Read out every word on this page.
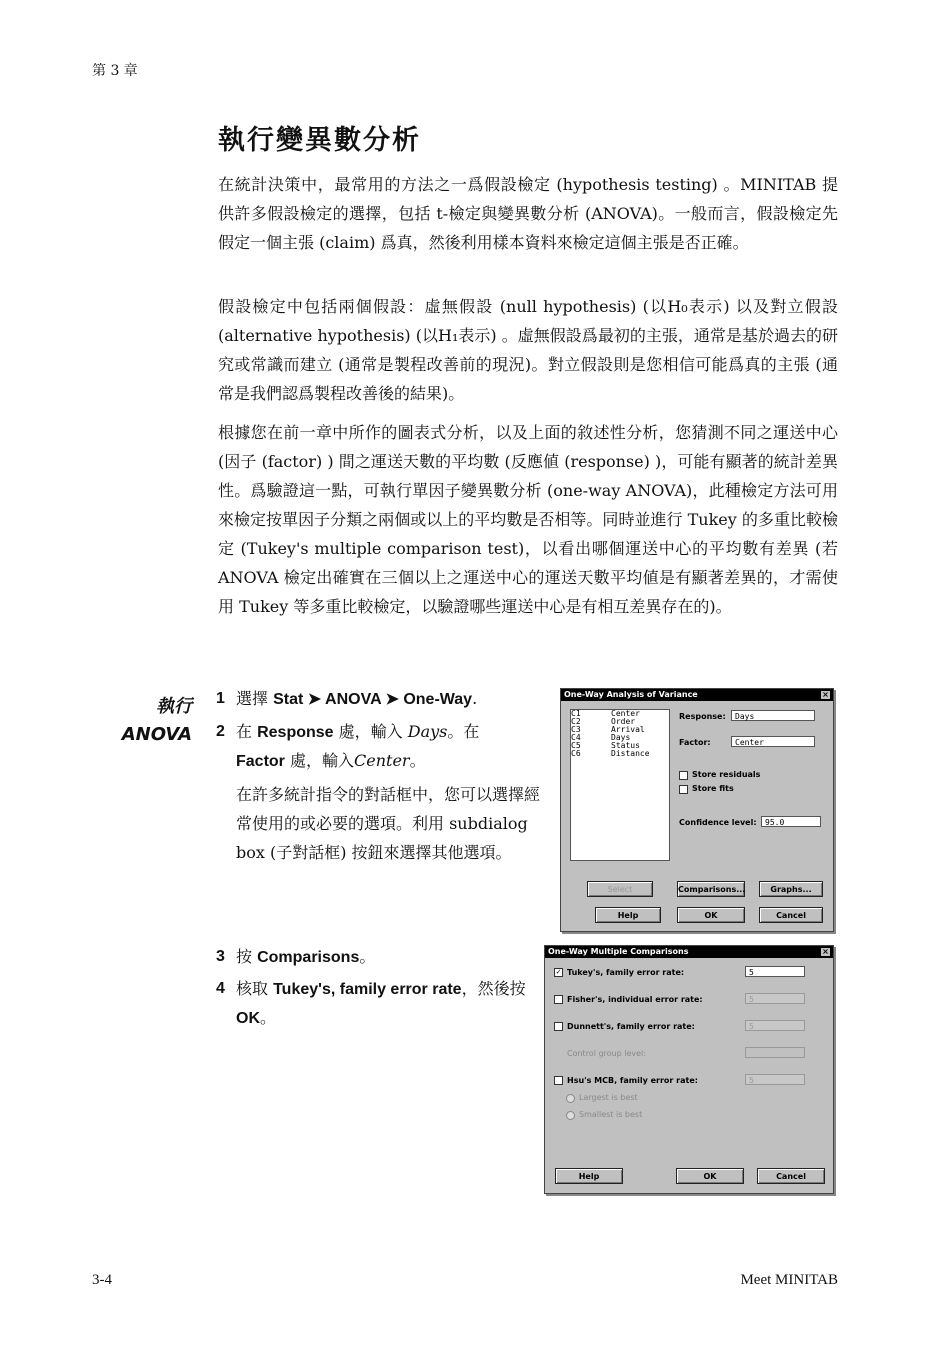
第 3 章
執行變異數分析

在統計決策中，最常用的方法之一爲假設檢定 (hypothesis testing) 。MINITAB 提供許多假設檢定的選擇，包括 t-檢定與變異數分析 (ANOVA)。一般而言，假設檢定先假定一個主張 (claim) 爲真，然後利用樣本資料來檢定這個主張是否正確。

假設檢定中包括兩個假設：虛無假設 (null hypothesis) (以H₀表示) 以及對立假設 (alternative hypothesis) (以H₁表示) 。虛無假設爲最初的主張，通常是基於過去的研究或常識而建立 (通常是製程改善前的現況)。對立假設則是您相信可能爲真的主張 (通常是我們認爲製程改善後的結果)。

根據您在前一章中所作的圖表式分析，以及上面的敘述性分析，您猜測不同之運送中心 (因子 (factor) ) 間之運送天數的平均數 (反應値 (response) )，可能有顯著的統計差異性。爲驗證這一點，可執行單因子變異數分析 (one-way ANOVA)，此種檢定方法可用來檢定按單因子分類之兩個或以上的平均數是否相等。同時並進行 Tukey 的多重比較檢定 (Tukey's multiple comparison test)，以看出哪個運送中心的平均數有差異 (若 ANOVA 檢定出確實在三個以上之運送中心的運送天數平均値是有顯著差異的，才需使用 Tukey 等多重比較檢定，以驗證哪些運送中心是有相互差異存在的)。

執行
ANOVA
1 選擇 Stat ➤ ANOVA ➤ One-Way.
2 在 Response 處，輸入 Days。在
Factor 處，輸入Center。
在許多統計指令的對話框中，您可以選擇經常使用的或必要的選項。利用 subdialog box (子對話框) 按鈕來選擇其他選項。
3 按 Comparisons。
4 核取 Tukey's, family error rate，然後按 OK。
One-Way Analysis of Variance	×
C1	Center
C2	Order
C3	Arrival
C4	Days
C5	Status
C6	Distance
Response:	Days
Factor:	Center
Store residuals
Store fits
Confidence level:	95.0
Select	Comparisons...	Graphs...
Help	OK	Cancel
One-Way Multiple Comparisons	×
✓ Tukey's, family error rate:	5
Fisher's, individual error rate:	5
Dunnett's, family error rate:	5
Control group level:
Hsu's MCB, family error rate:	5
Largest is best
Smallest is best
Help	OK	Cancel
3-4	Meet MINITAB
